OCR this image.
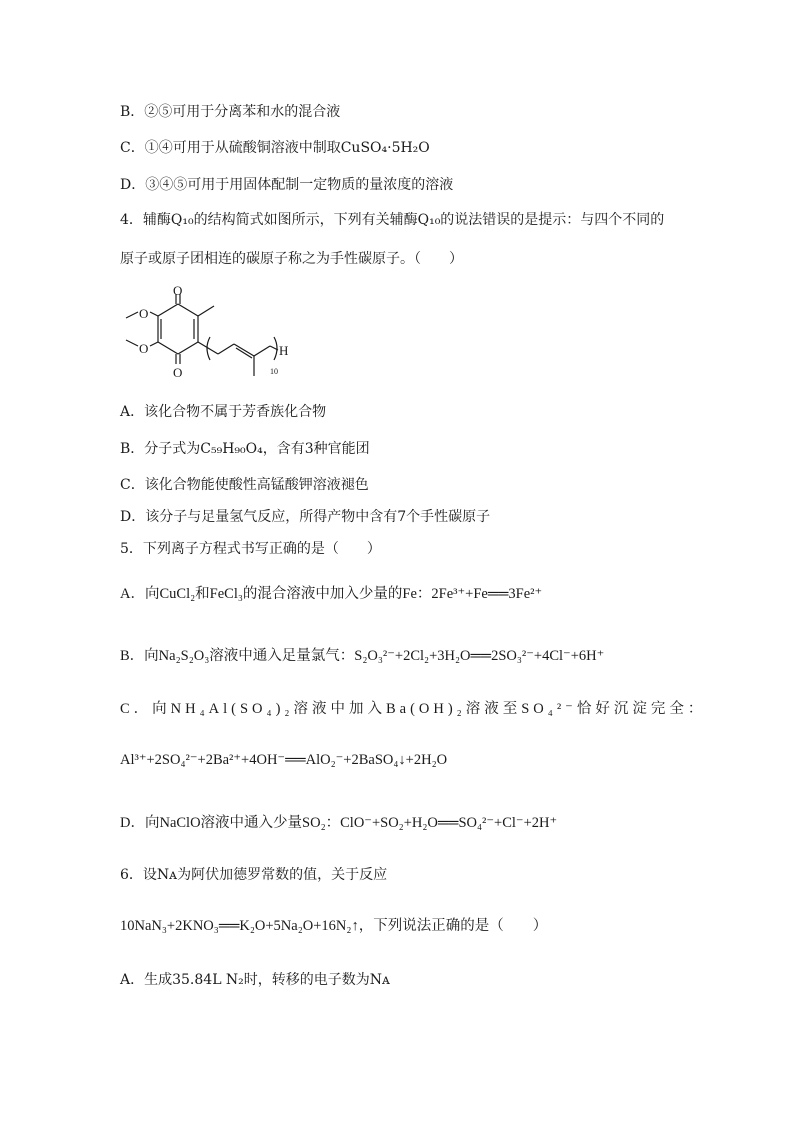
B．②⑤可用于分离苯和水的混合液
C．①④可用于从硫酸铜溶液中制取CuSO₄·5H₂O
D．③④⑤可用于用固体配制一定物质的量浓度的溶液
4．辅酶Q₁₀的结构简式如图所示，下列有关辅酶Q₁₀的说法错误的是提示：与四个不同的
原子或原子团相连的碳原子称之为手性碳原子。（　　）
O
O
O
O	H
10
A．该化合物不属于芳香族化合物
B．分子式为C₅₉H₉₀O₄，含有3种官能团
C．该化合物能使酸性高锰酸钾溶液褪色
D．该分子与足量氢气反应，所得产物中含有7个手性碳原子
5．下列离子方程式书写正确的是（　　）
A．向CuCl₂和FeCl₃的混合溶液中加入少量的Fe：2Fe³⁺+Fe══3Fe²⁺
B．向Na₂S₂O₃溶液中通入足量氯气：S₂O₃²⁻+2Cl₂+3H₂O══2SO₃²⁻+4Cl⁻+6H⁺
C．向NH₄Al(SO₄)₂溶液中加入Ba(OH)₂溶液至SO₄²⁻恰好沉淀完全：
Al³⁺+2SO₄²⁻+2Ba²⁺+4OH⁻══AlO₂⁻+2BaSO₄↓+2H₂O
D．向NaClO溶液中通入少量SO₂：ClO⁻+SO₂+H₂O══SO₄²⁻+Cl⁻+2H⁺
6．设Nᴀ为阿伏加德罗常数的值，关于反应
10NaN₃+2KNO₃══K₂O+5Na₂O+16N₂↑，下列说法正确的是（　　）
A．生成35.84L N₂时，转移的电子数为Nᴀ
